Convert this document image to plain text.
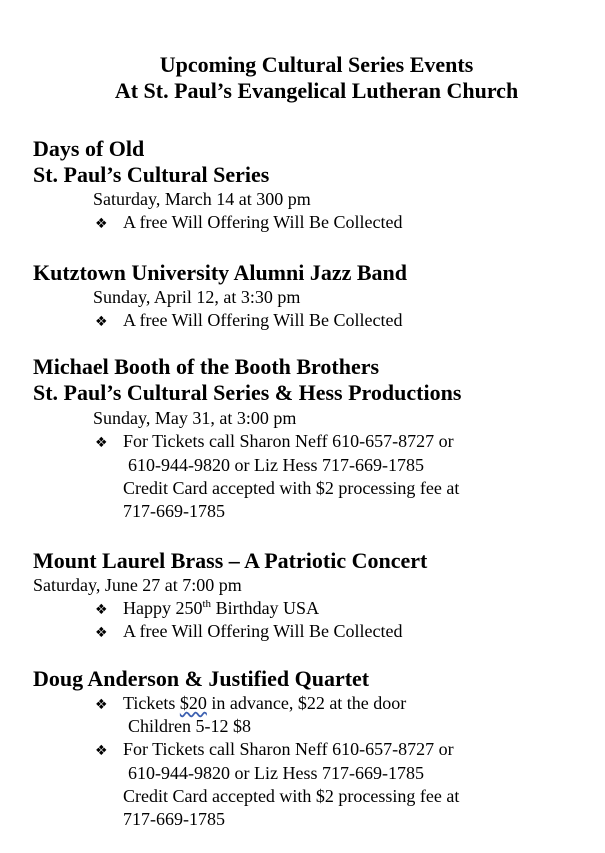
Upcoming Cultural Series Events
At St. Paul’s Evangelical Lutheran Church
Days of Old
St. Paul’s Cultural Series
Saturday, March 14 at 300 pm
❖ A free Will Offering Will Be Collected
Kutztown University Alumni Jazz Band
Sunday, April 12, at 3:30 pm
❖ A free Will Offering Will Be Collected
Michael Booth of the Booth Brothers
St. Paul’s Cultural Series & Hess Productions
Sunday, May 31, at 3:00 pm
❖ For Tickets call Sharon Neff 610-657-8727 or
610-944-9820 or Liz Hess 717-669-1785
Credit Card accepted with $2 processing fee at
717-669-1785
Mount Laurel Brass – A Patriotic Concert
Saturday, June 27 at 7:00 pm
❖ Happy 250th Birthday USA
❖ A free Will Offering Will Be Collected
Doug Anderson & Justified Quartet
❖ Tickets $20 in advance, $22 at the door
Children 5-12 $8
❖ For Tickets call Sharon Neff 610-657-8727 or
610-944-9820 or Liz Hess 717-669-1785
Credit Card accepted with $2 processing fee at
717-669-1785
